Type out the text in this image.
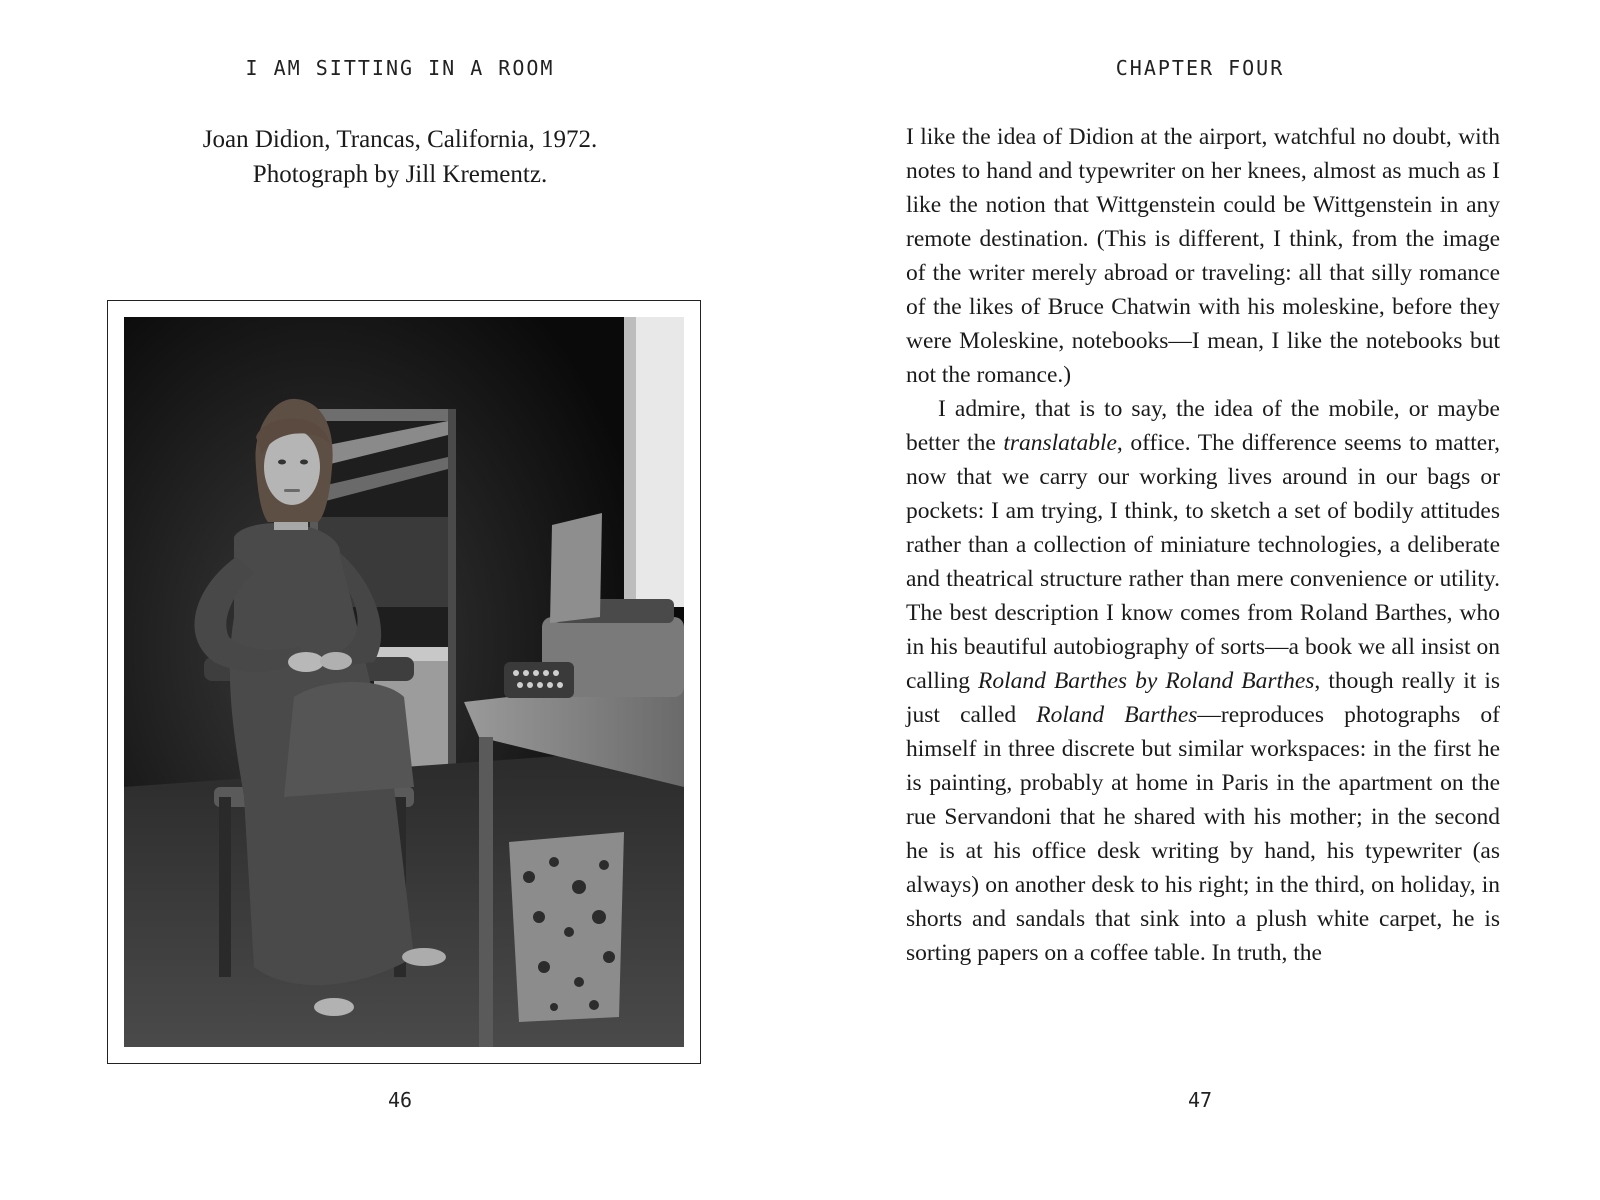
I AM SITTING IN A ROOM
Joan Didion, Trancas, California, 1972.
Photograph by Jill Krementz.
46
CHAPTER FOUR

I like the idea of Didion at the airport, watchful no doubt, with notes to hand and typewriter on her knees, almost as much as I like the notion that Wittgenstein could be Wittgenstein in any remote destination. (This is different, I think, from the image of the writer merely abroad or traveling: all that silly romance of the likes of Bruce Chatwin with his moleskine, before they were Moleskine, notebooks—I mean, I like the notebooks but not the romance.)

I admire, that is to say, the idea of the mobile, or maybe better the translatable, office. The difference seems to matter, now that we carry our working lives around in our bags or pockets: I am trying, I think, to sketch a set of bodily attitudes rather than a collection of miniature technologies, a deliberate and theatrical structure rather than mere convenience or utility. The best description I know comes from Roland Barthes, who in his beautiful autobiography of sorts—a book we all insist on calling Roland Barthes by Roland Barthes, though really it is just called Roland Barthes—reproduces photographs of himself in three discrete but similar workspaces: in the first he is painting, probably at home in Paris in the apartment on the rue Servandoni that he shared with his mother; in the second he is at his office desk writing by hand, his typewriter (as always) on another desk to his right; in the third, on holiday, in shorts and sandals that sink into a plush white carpet, he is sorting papers on a coffee table. In truth, the

47
